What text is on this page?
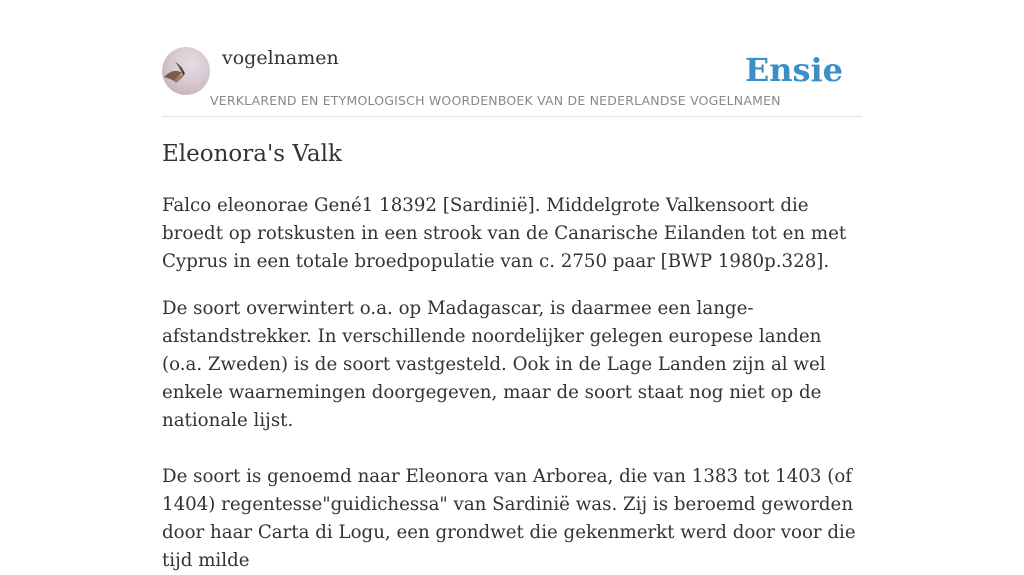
vogelnamen	Ensie
VERKLAREND EN ETYMOLOGISCH WOORDENBOEK VAN DE NEDERLANDSE VOGELNAMEN
Eleonora's Valk

Falco eleonorae Gené1 18392 [Sardinië]. Middelgrote Valkensoort die broedt op rotskusten in een strook van de Canarische Eilanden tot en met Cyprus in een totale broedpopulatie van c. 2750 paar [BWP 1980p.328].

De soort overwintert o.a. op Madagascar, is daarmee een lange-afstandstrekker. In verschillende noordelijker gelegen europese landen (o.a. Zweden) is de soort vastgesteld. Ook in de Lage Landen zijn al wel enkele waarnemingen doorgegeven, maar de soort staat nog niet op de nationale lijst.

De soort is genoemd naar Eleonora van Arborea, die van 1383 tot 1403 (of 1404) regentesse"guidichessa" van Sardinië was. Zij is beroemd geworden door haar Carta di Logu, een grondwet die gekenmerkt werd door voor die tijd milde
